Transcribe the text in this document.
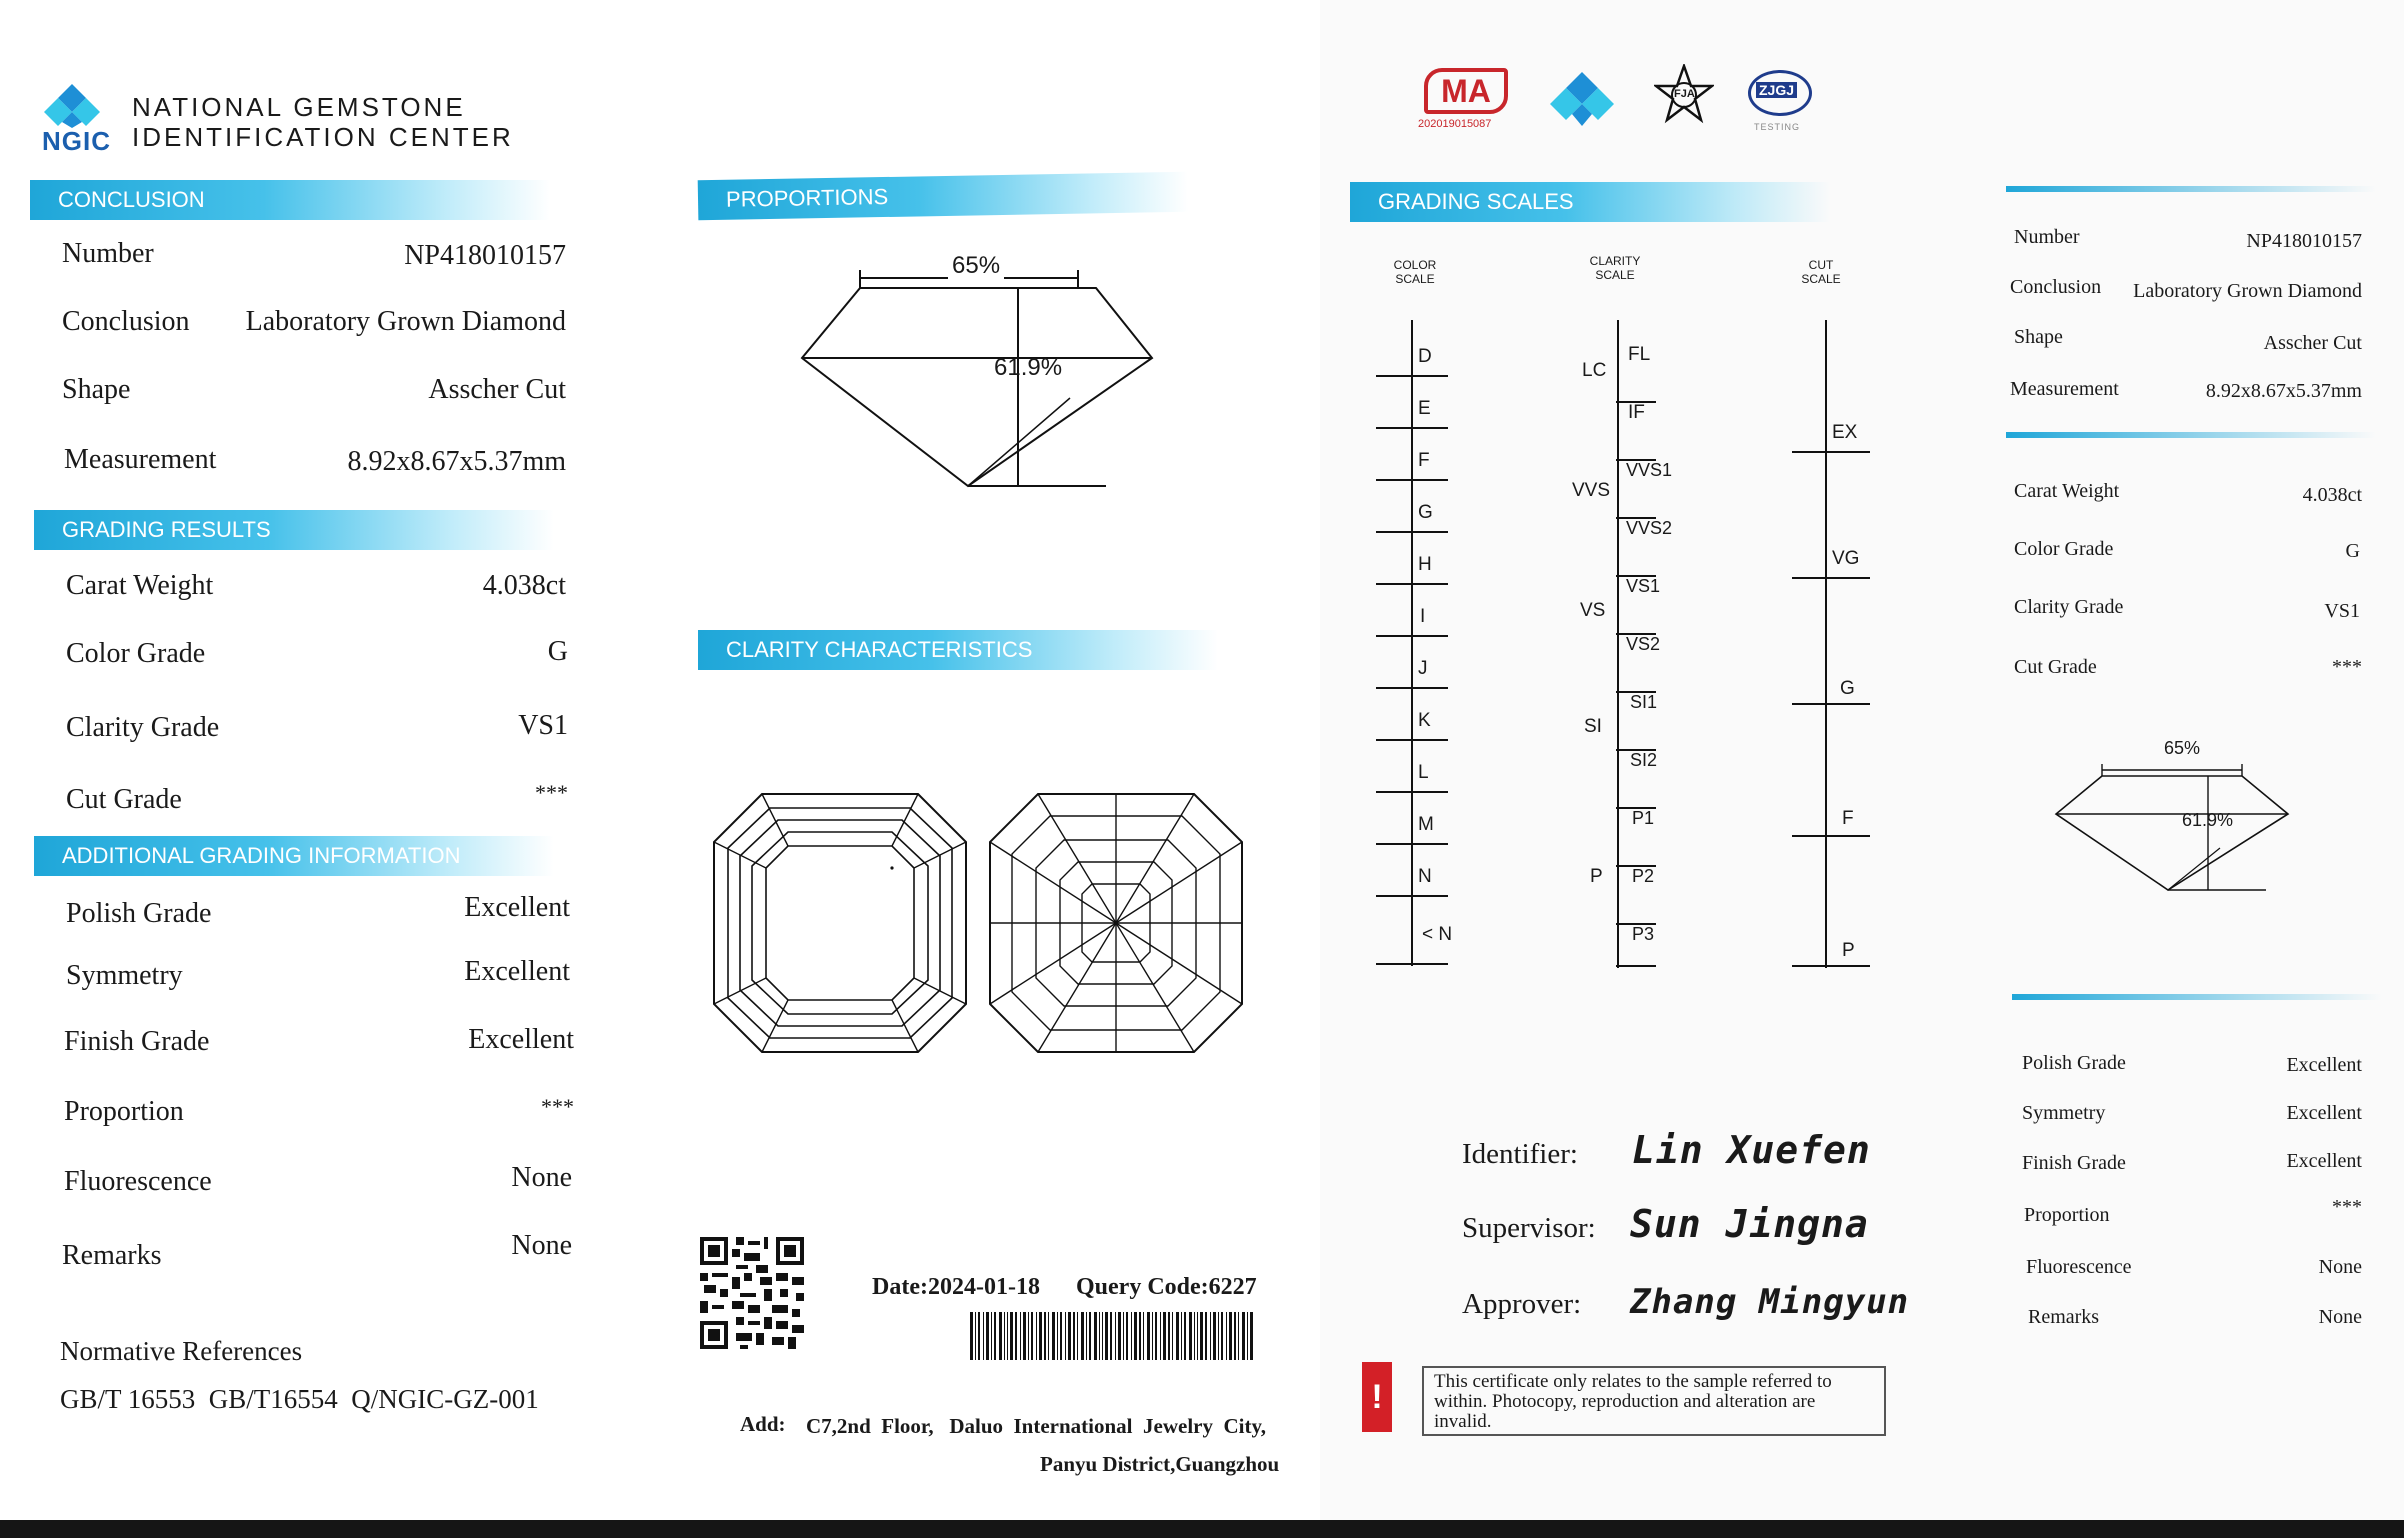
NGIC
NATIONAL GEMSTONE
IDENTIFICATION CENTER
CONCLUSION
Number	NP418010157
Conclusion Laboratory Grown Diamond
Shape	Asscher Cut
Measurement	8.92x8.67x5.37mm
GRADING RESULTS
Carat Weight	4.038ct
Color Grade	G
Clarity Grade	VS1
Cut Grade	***
ADDITIONAL GRADING INFORMATION
Polish Grade	Excellent
Symmetry	Excellent
Finish Grade	Excellent
Proportion	***
Fluorescence	None
Remarks	None
Normative References
GB/T 16553  GB/T16554  Q/NGIC-GZ-001
PROPORTIONS
65%
61.9%
CLARITY CHARACTERISTICS
Date:2024-01-18 Query Code:6227
Add: C7,2nd  Floor,   Daluo  International  Jewelry  City,
Panyu District,Guangzhou
MA
202019015087
FJA	ZJGJ
TESTING
GRADING SCALES
COLOR
SCALE
CLARITY
SCALE
CUT
SCALE
D
E
F
G
H
I
J
K
L
M
N
< N
LC
VVS
VS
SI
P
FL
IF
VVS1
VVS2
VS1
VS2
SI1
SI2
P1
P2
P3
EX
VG
G
F
P
Identifier: Lin Xuefen
Supervisor: Sun Jingna
Approver: Zhang Mingyun
!	This certificate only relates to the sample referred to within. Photocopy, reproduction and alteration are invalid.
Number	NP418010157
Conclusion Laboratory Grown Diamond
Shape	Asscher Cut
Measurement	8.92x8.67x5.37mm
Carat Weight	4.038ct
Color Grade	G
Clarity Grade	VS1
Cut Grade	***
65%
61.9%
Polish Grade	Excellent
Symmetry	Excellent
Finish Grade	Excellent
Proportion	***
Fluorescence	None
Remarks	None
